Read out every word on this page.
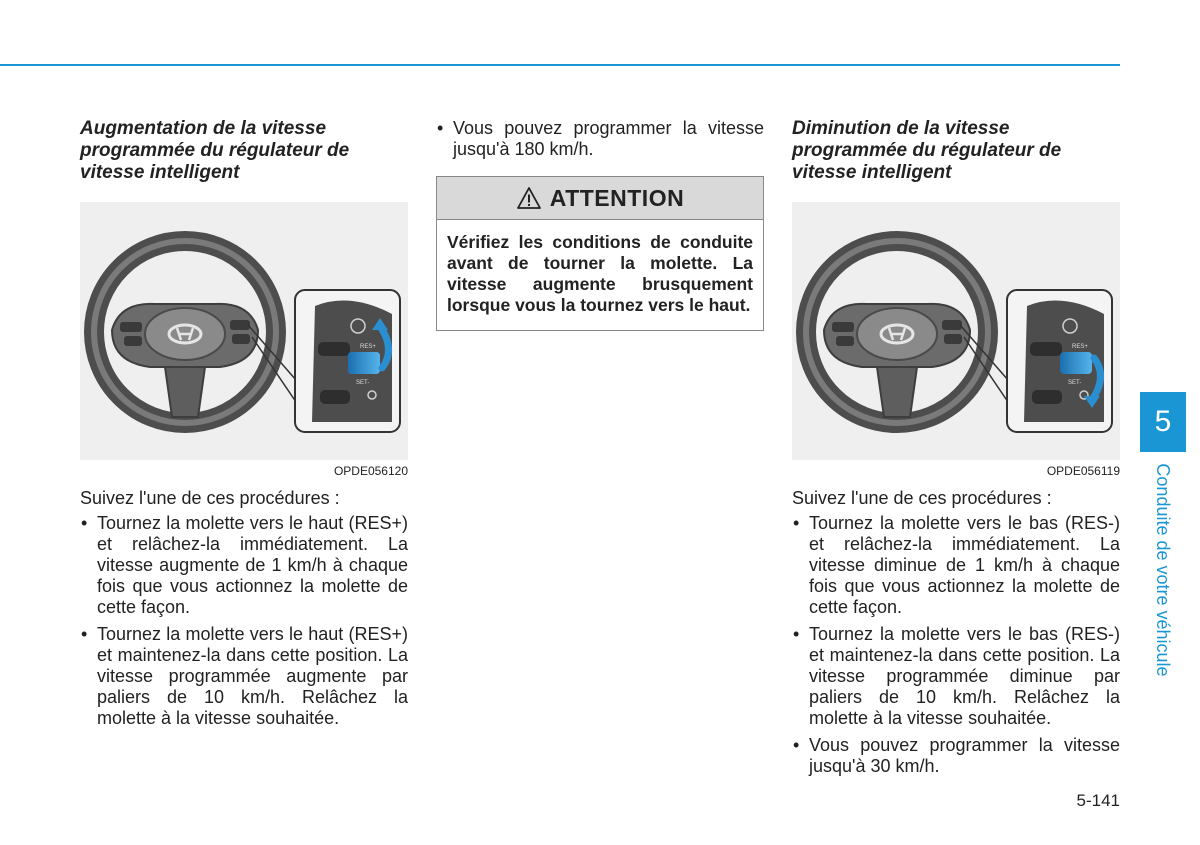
Augmentation de la vitesse programmée du régulateur de vitesse intelligent
RES+
SET-
OPDE056120

Suivez l'une de ces procédures :

• Tournez la molette vers le haut (RES+) et relâchez-la immédiatement. La vitesse augmente de 1 km/h à chaque fois que vous actionnez la molette de cette façon.
• Tournez la molette vers le haut (RES+) et maintenez-la dans cette position. La vitesse programmée augmente par paliers de 10 km/h. Relâchez la molette à la vitesse souhaitée.
• Vous pouvez programmer la vitesse jusqu'à 180 km/h.
ATTENTION
Vérifiez les conditions de conduite avant de tourner la molette. La vitesse augmente brusquement lorsque vous la tournez vers le haut.
Diminution de la vitesse programmée du régulateur de vitesse intelligent
RES+
SET-
OPDE056119

Suivez l'une de ces procédures :

• Tournez la molette vers le bas (RES-) et relâchez-la immédiatement. La vitesse diminue de 1 km/h à chaque fois que vous actionnez la molette de cette façon.
• Tournez la molette vers le bas (RES-) et maintenez-la dans cette position. La vitesse programmée diminue par paliers de 10 km/h. Relâchez la molette à la vitesse souhaitée.
• Vous pouvez programmer la vitesse jusqu'à 30 km/h.
5
Conduite de votre véhicule
5-141
